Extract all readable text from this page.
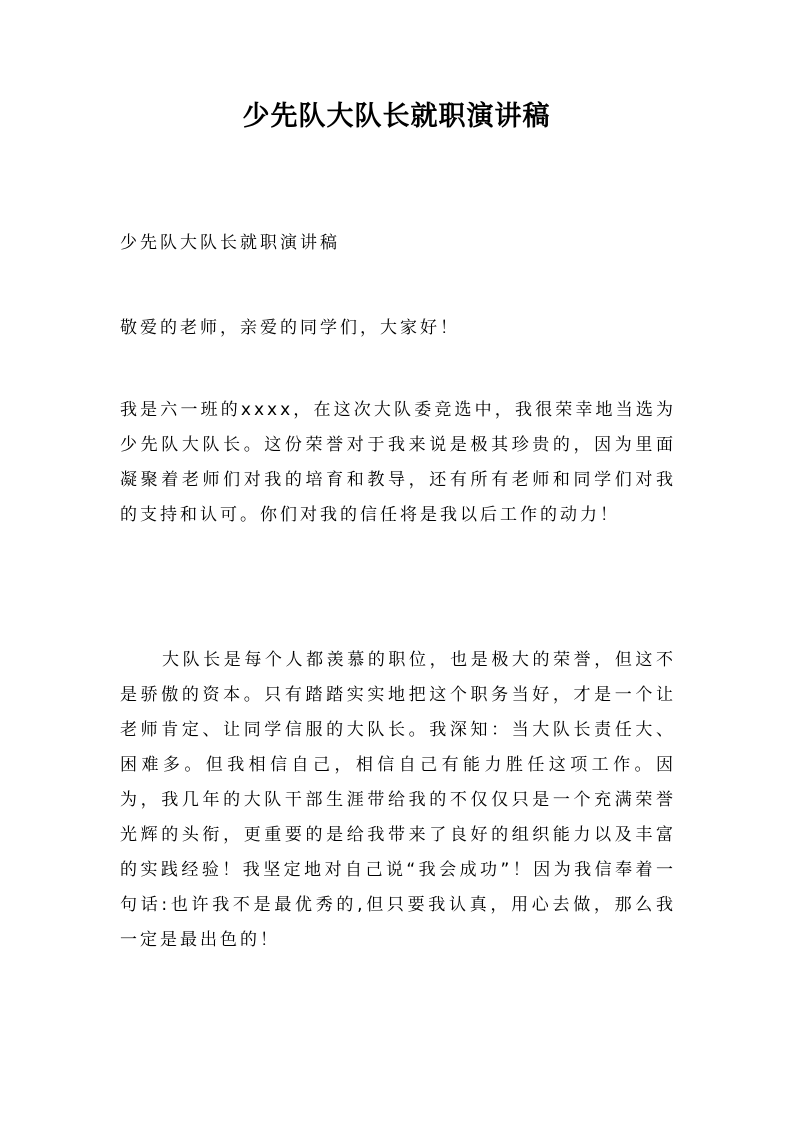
少先队大队长就职演讲稿

少先队大队长就职演讲稿

敬爱的老师，亲爱的同学们，大家好！

我是六一班的xxxx，在这次大队委竞选中，我很荣幸地当选为少先队大队长。这份荣誉对于我来说是极其珍贵的，因为里面凝聚着老师们对我的培育和教导，还有所有老师和同学们对我的支持和认可。你们对我的信任将是我以后工作的动力！

大队长是每个人都羡慕的职位，也是极大的荣誉，但这不是骄傲的资本。只有踏踏实实地把这个职务当好，才是一个让老师肯定、让同学信服的大队长。我深知：当大队长责任大、困难多。但我相信自己，相信自己有能力胜任这项工作。因为，我几年的大队干部生涯带给我的不仅仅只是一个充满荣誉光辉的头衔，更重要的是给我带来了良好的组织能力以及丰富的实践经验！我坚定地对自己说“我会成功”！因为我信奉着一句话:也许我不是最优秀的,但只要我认真，用心去做，那么我一定是最出色的！
